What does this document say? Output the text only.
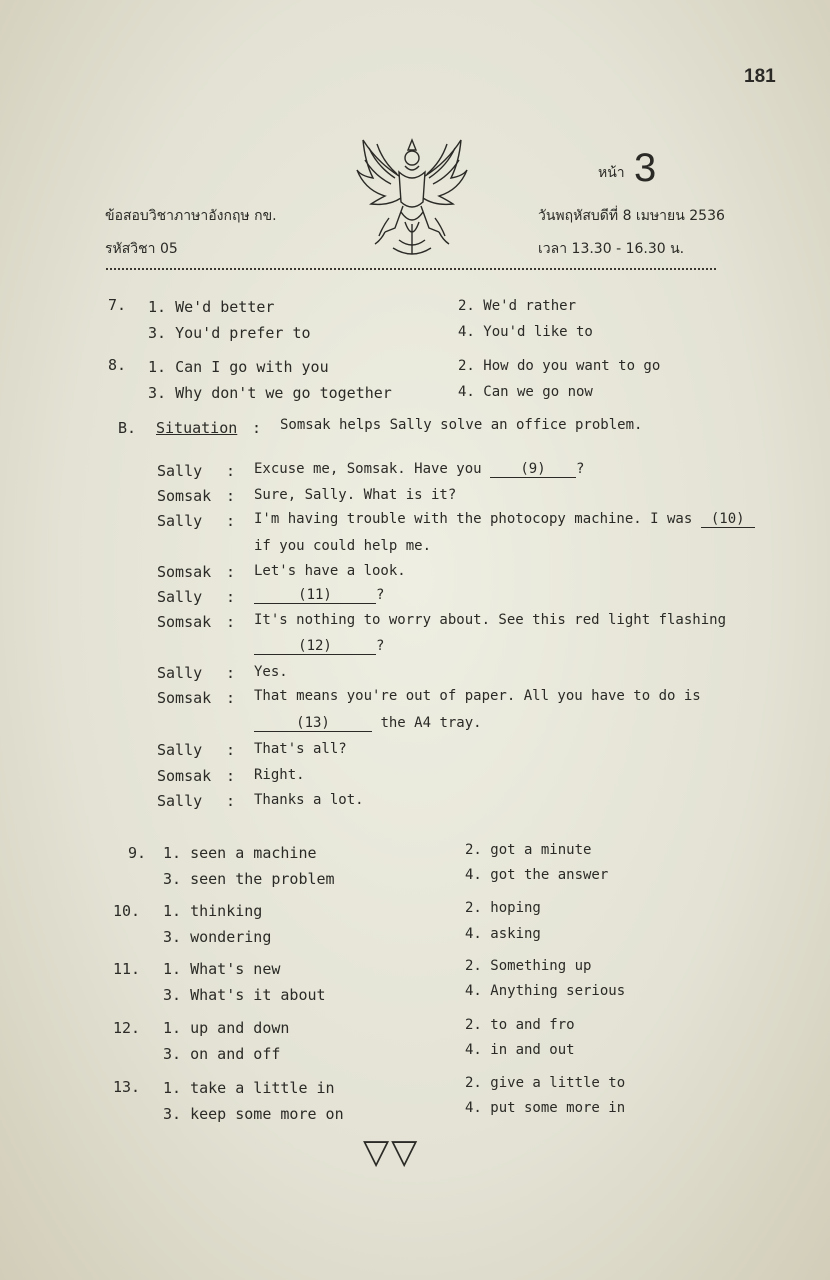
181
หน้า 3
ข้อสอบวิชาภาษาอังกฤษ กข.	วันพฤหัสบดีที่ 8 เมษายน 2536
รหัสวิชา 05	เวลา 13.30 - 16.30 น.
7. 1. We'd better	2. We'd rather
3. You'd prefer to	4. You'd like to
8. 1. Can I go with you	2. How do you want to go
3. Why don't we go together	4. Can we go now
B. Situation : Somsak helps Sally solve an office problem.
Sally : Excuse me, Somsak. Have you	(9) ?
Somsak : Sure, Sally. What is it?
Sally : I'm having trouble with the photocopy machine. I was (10)
if you could help me.
Somsak : Let's have a look.
Sally :	(11)	?
Somsak : It's nothing to worry about. See this red light flashing
(12)	?
Sally : Yes.
Somsak : That means you're out of paper. All you have to do is
(13)	the A4 tray.
Sally : That's all?
Somsak : Right.
Sally : Thanks a lot.
9. 1. seen a machine	2. got a minute
3. seen the problem	4. got the answer
10. 1. thinking	2. hoping
3. wondering	4. asking
11. 1. What's new	2. Something up
3. What's it about	4. Anything serious
12. 1. up and down	2. to and fro
3. on and off	4. in and out
13. 1. take a little in	2. give a little to
3. keep some more on	4. put some more in
▽▽
